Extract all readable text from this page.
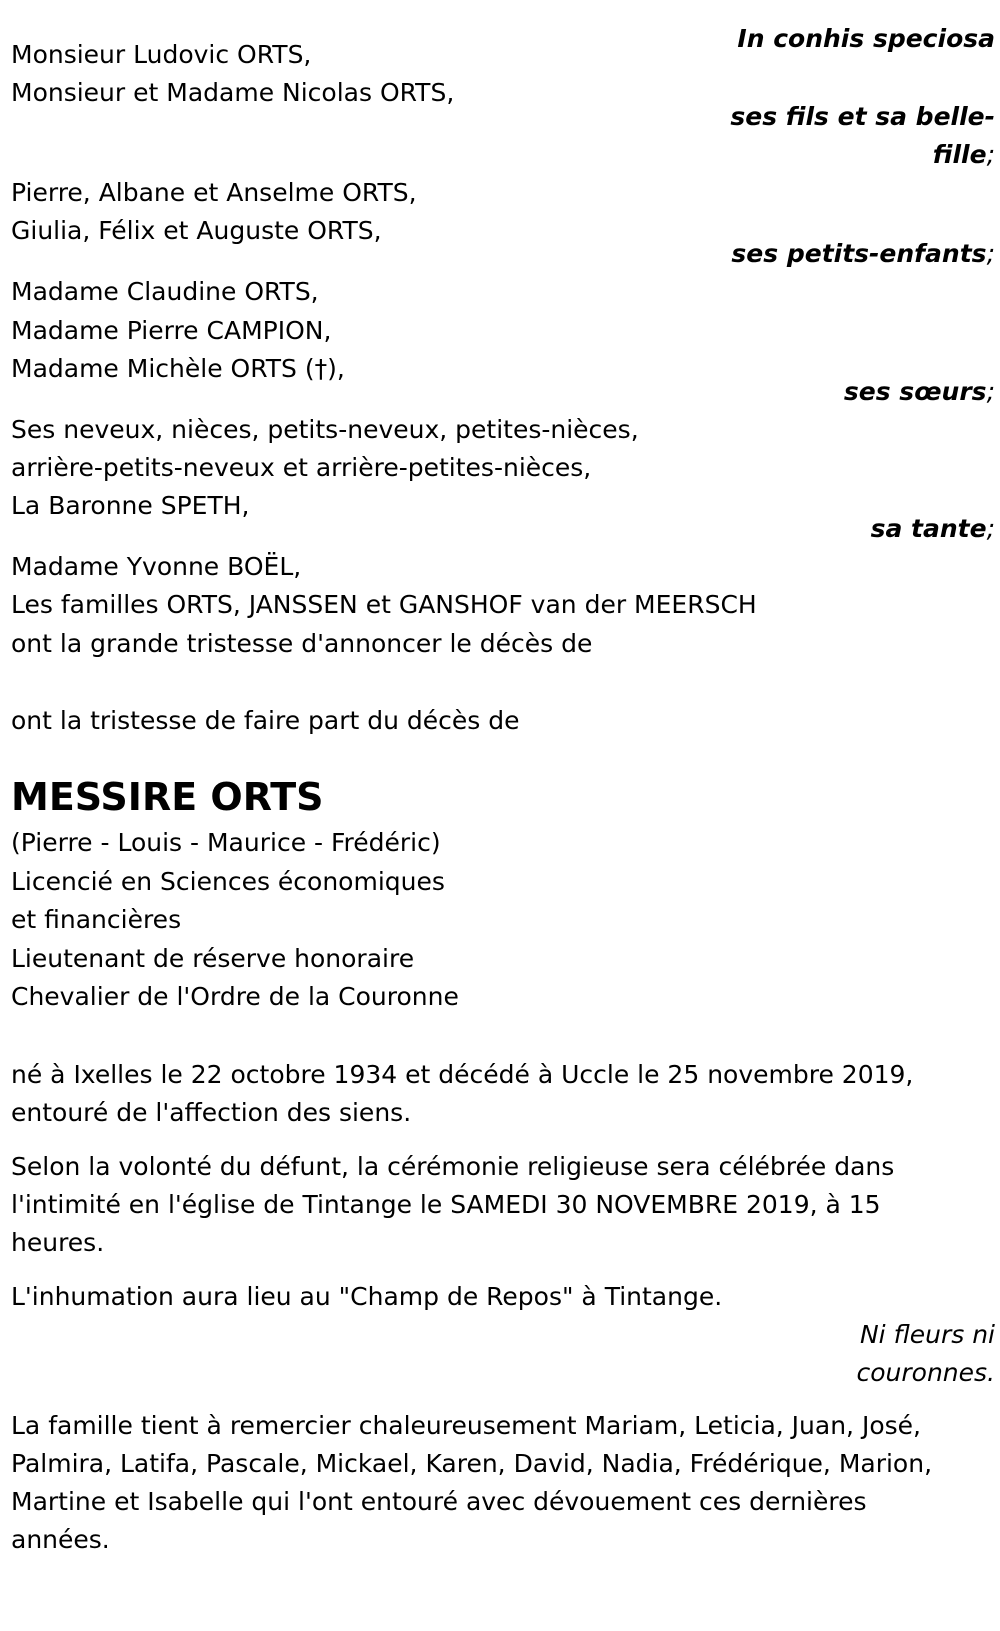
In conhis speciosa
Monsieur Ludovic ORTS,
Monsieur et Madame Nicolas ORTS,
ses fils et sa belle-
fille;
Pierre, Albane et Anselme ORTS,
Giulia, Félix et Auguste ORTS,
ses petits-enfants;
Madame Claudine ORTS,
Madame Pierre CAMPION,
Madame Michèle ORTS (†),
ses sœurs;
Ses neveux, nièces, petits-neveux, petites-nièces,
arrière-petits-neveux et arrière-petites-nièces,
La Baronne SPETH,
sa tante;
Madame Yvonne BOËL,
Les familles ORTS, JANSSEN et GANSHOF van der MEERSCH
ont la grande tristesse d'annoncer le décès de
ont la tristesse de faire part du décès de
MESSIRE ORTS
(Pierre - Louis - Maurice - Frédéric)
Licencié en Sciences économiques
et financières
Lieutenant de réserve honoraire
Chevalier de l'Ordre de la Couronne
né à Ixelles le 22 octobre 1934 et décédé à Uccle le 25 novembre 2019,
entouré de l'affection des siens.
Selon la volonté du défunt, la cérémonie religieuse sera célébrée dans
l'intimité en l'église de Tintange le SAMEDI 30 NOVEMBRE 2019, à 15
heures.
L'inhumation aura lieu au "Champ de Repos" à Tintange.
Ni fleurs ni
couronnes.
La famille tient à remercier chaleureusement Mariam, Leticia, Juan, José,
Palmira, Latifa, Pascale, Mickael, Karen, David, Nadia, Frédérique, Marion,
Martine et Isabelle qui l'ont entouré avec dévouement ces dernières
années.
